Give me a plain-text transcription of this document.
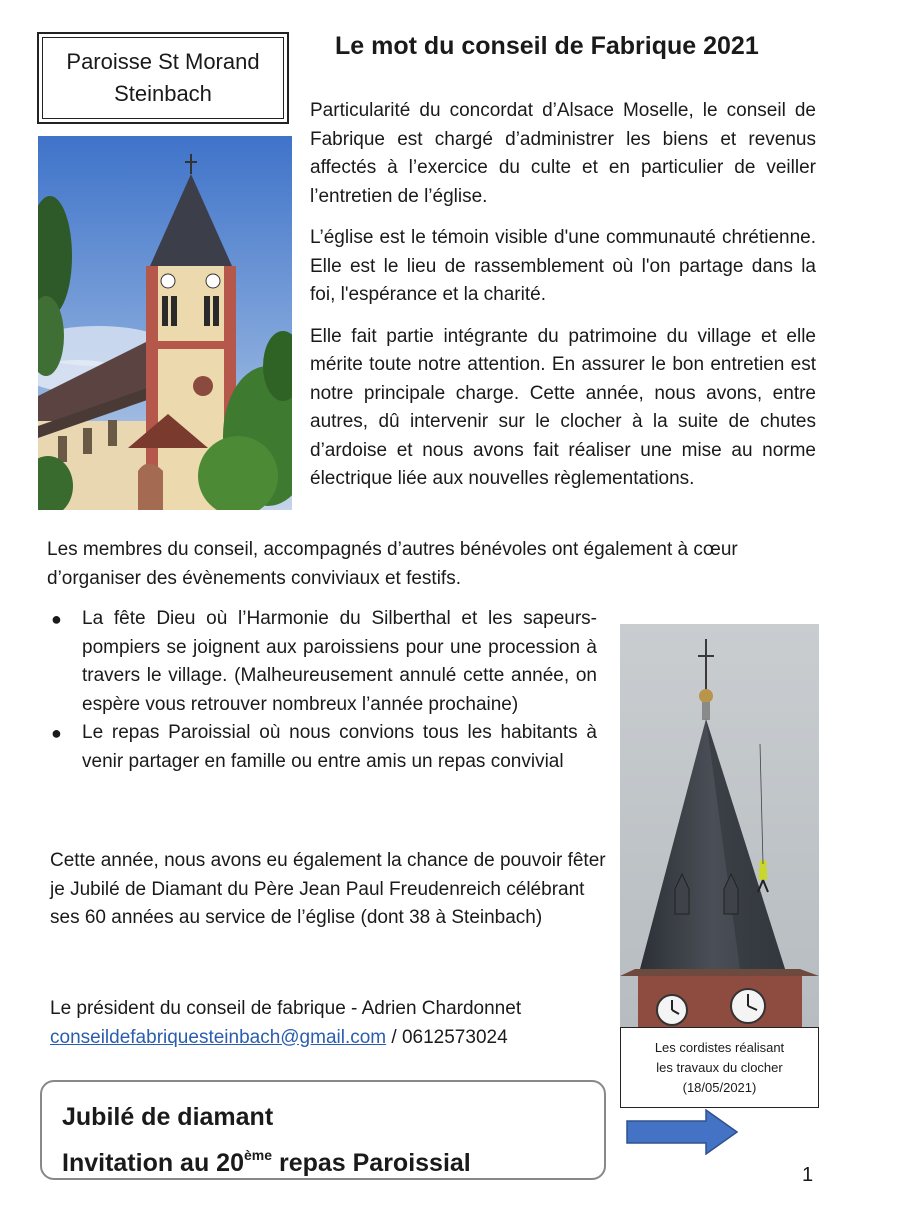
Paroisse St Morand
Steinbach
Le mot du conseil de Fabrique 2021

Particularité du concordat d’Alsace Moselle, le conseil de Fabrique est chargé d’administrer les biens et revenus affectés à l’exercice du culte et en particulier de veiller l’entretien de l’église.

L’église est le témoin visible d'une communauté chrétienne. Elle est le lieu de rassemblement où l'on partage dans la foi, l'espérance et la charité.

Elle fait partie intégrante du patrimoine du village et elle mérite toute notre attention. En assurer le bon entretien est notre principale charge. Cette année, nous avons, entre autres, dû intervenir sur le clocher à la suite de chutes d’ardoise et nous avons fait réaliser une mise au norme électrique liée aux nouvelles règlementations.

Les membres du conseil, accompagnés d’autres bénévoles ont également à cœur d’organiser des évènements conviviaux et festifs.

● La fête Dieu où l’Harmonie du Silberthal et les sapeurs-pompiers se joignent aux paroissiens pour une procession à travers le village. (Malheureusement annulé cette année, on espère vous retrouver nombreux l’année prochaine)
● Le repas Paroissial où nous convions tous les habitants à venir partager en famille ou entre amis un repas convivial

Cette année, nous avons eu également la chance de pouvoir fêter je Jubilé de Diamant du Père Jean Paul Freudenreich célébrant ses 60 années au service de l’église (dont 38 à Steinbach)

Le président du conseil de fabrique - Adrien Chardonnet

conseildefabriquesteinbach@gmail.com / 0612573024	Les cordistes réalisant
les travaux du clocher
(18/05/2021)
Jubilé de diamant
Invitation au 20ème repas Paroissial	1
